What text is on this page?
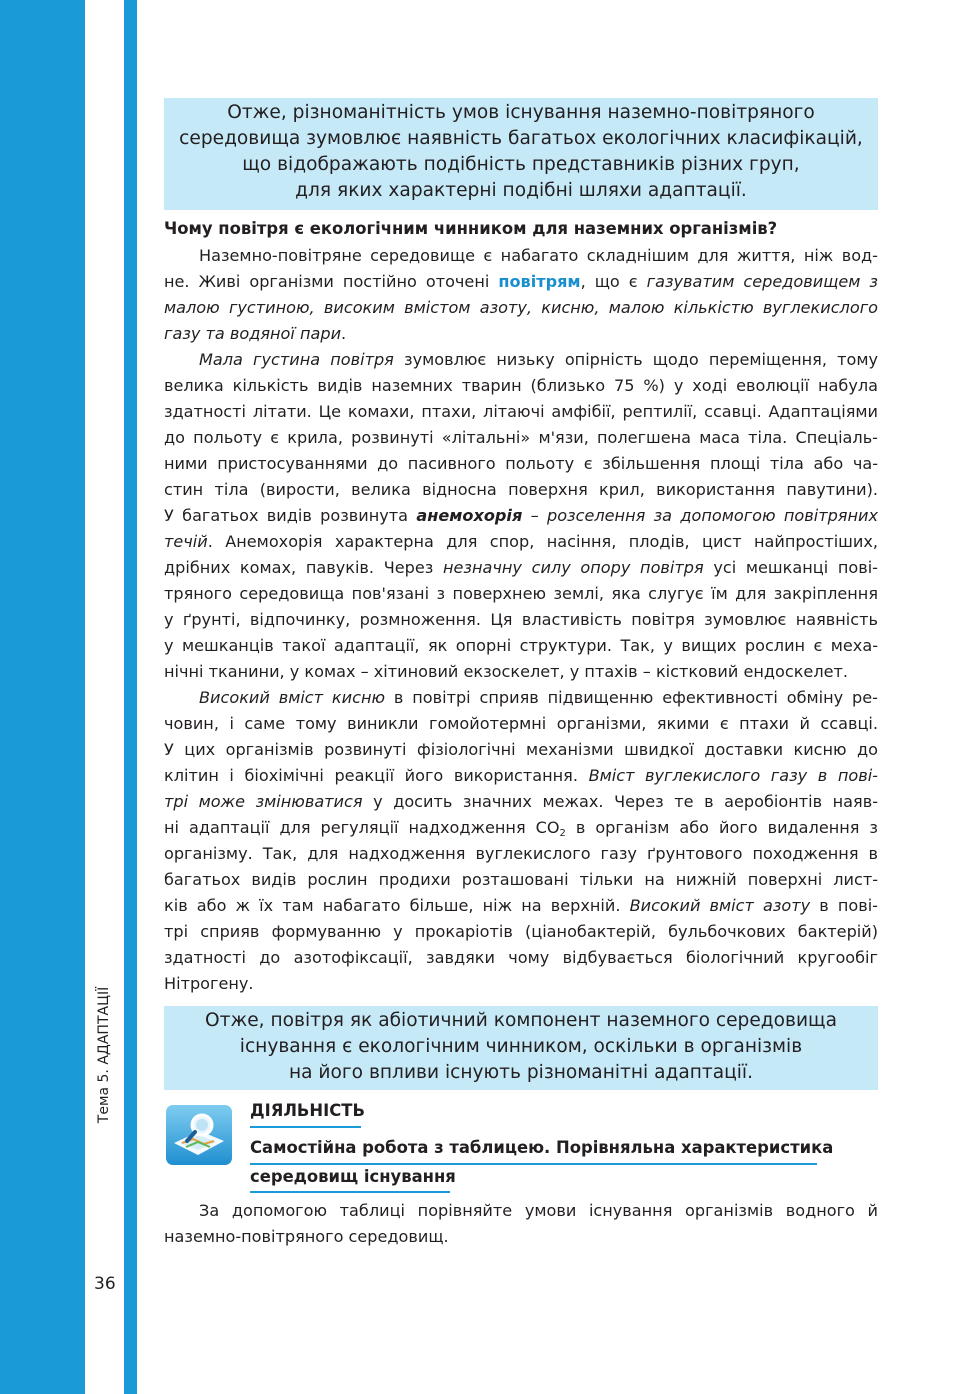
Тема 5. АДАПТАЦІЇ
36
Отже, різноманітність умов існування наземно-повітряного
середовища зумовлює наявність багатьох екологічних класифікацій,
що відображають подібність представників різних груп,
для яких характерні подібні шляхи адаптації.
Чому повітря є екологічним чинником для наземних організмів?
Наземно-повітряне середовище є набагато складнішим для життя, ніж вод-
не. Живі організми постійно оточені повітрям, що є газуватим середовищем з
малою густиною, високим вмістом азоту, кисню, малою кількістю вуглекислого
газу та водяної пари.
Мала густина повітря зумовлює низьку опірність щодо переміщення, тому
велика кількість видів наземних тварин (близько 75 %) у ході еволюції набула
здатності літати. Це комахи, птахи, літаючі амфібії, рептилії, ссавці. Адаптаціями
до польоту є крила, розвинуті «літальні» м'язи, полегшена маса тіла. Спеціаль-
ними пристосуваннями до пасивного польоту є збільшення площі тіла або ча-
стин тіла (вирости, велика відносна поверхня крил, використання павутини).
У багатьох видів розвинута анемохорія – розселення за допомогою повітряних
течій. Анемохорія характерна для спор, насіння, плодів, цист найпростіших,
дрібних комах, павуків. Через незначну силу опору повітря усі мешканці пові-
тряного середовища пов'язані з поверхнею землі, яка слугує їм для закріплення
у ґрунті, відпочинку, розмноження. Ця властивість повітря зумовлює наявність
у мешканців такої адаптації, як опорні структури. Так, у вищих рослин є меха-
нічні тканини, у комах – хітиновий екзоскелет, у птахів – кістковий ендоскелет.
Високий вміст кисню в повітрі сприяв підвищенню ефективності обміну ре-
човин, і саме тому виникли гомойотермні організми, якими є птахи й ссавці.
У цих організмів розвинуті фізіологічні механізми швидкої доставки кисню до
клітин і біохімічні реакції його використання. Вміст вуглекислого газу в пові-
трі може змінюватися у досить значних межах. Через те в аеробіонтів наяв-
ні адаптації для регуляції надходження $CO_2$ в організм або його видалення з
організму. Так, для надходження вуглекислого газу ґрунтового походження в
багатьох видів рослин продихи розташовані тільки на нижній поверхні лист-
ків або ж їх там набагато більше, ніж на верхній. Високий вміст азоту в пові-
трі сприяв формуванню у прокаріотів (ціанобактерій, бульбочкових бактерій)
здатності до азотофіксації, завдяки чому відбувається біологічний кругообіг
Нітрогену.
Отже, повітря як абіотичний компонент наземного середовища
існування є екологічним чинником, оскільки в організмів
на його впливи існують різноманітні адаптації.
ДІЯЛЬНІСТЬ
Самостійна робота з таблицею. Порівняльна характеристика
середовищ існування
За допомогою таблиці порівняйте умови існування організмів водного й
наземно-повітряного середовищ.
